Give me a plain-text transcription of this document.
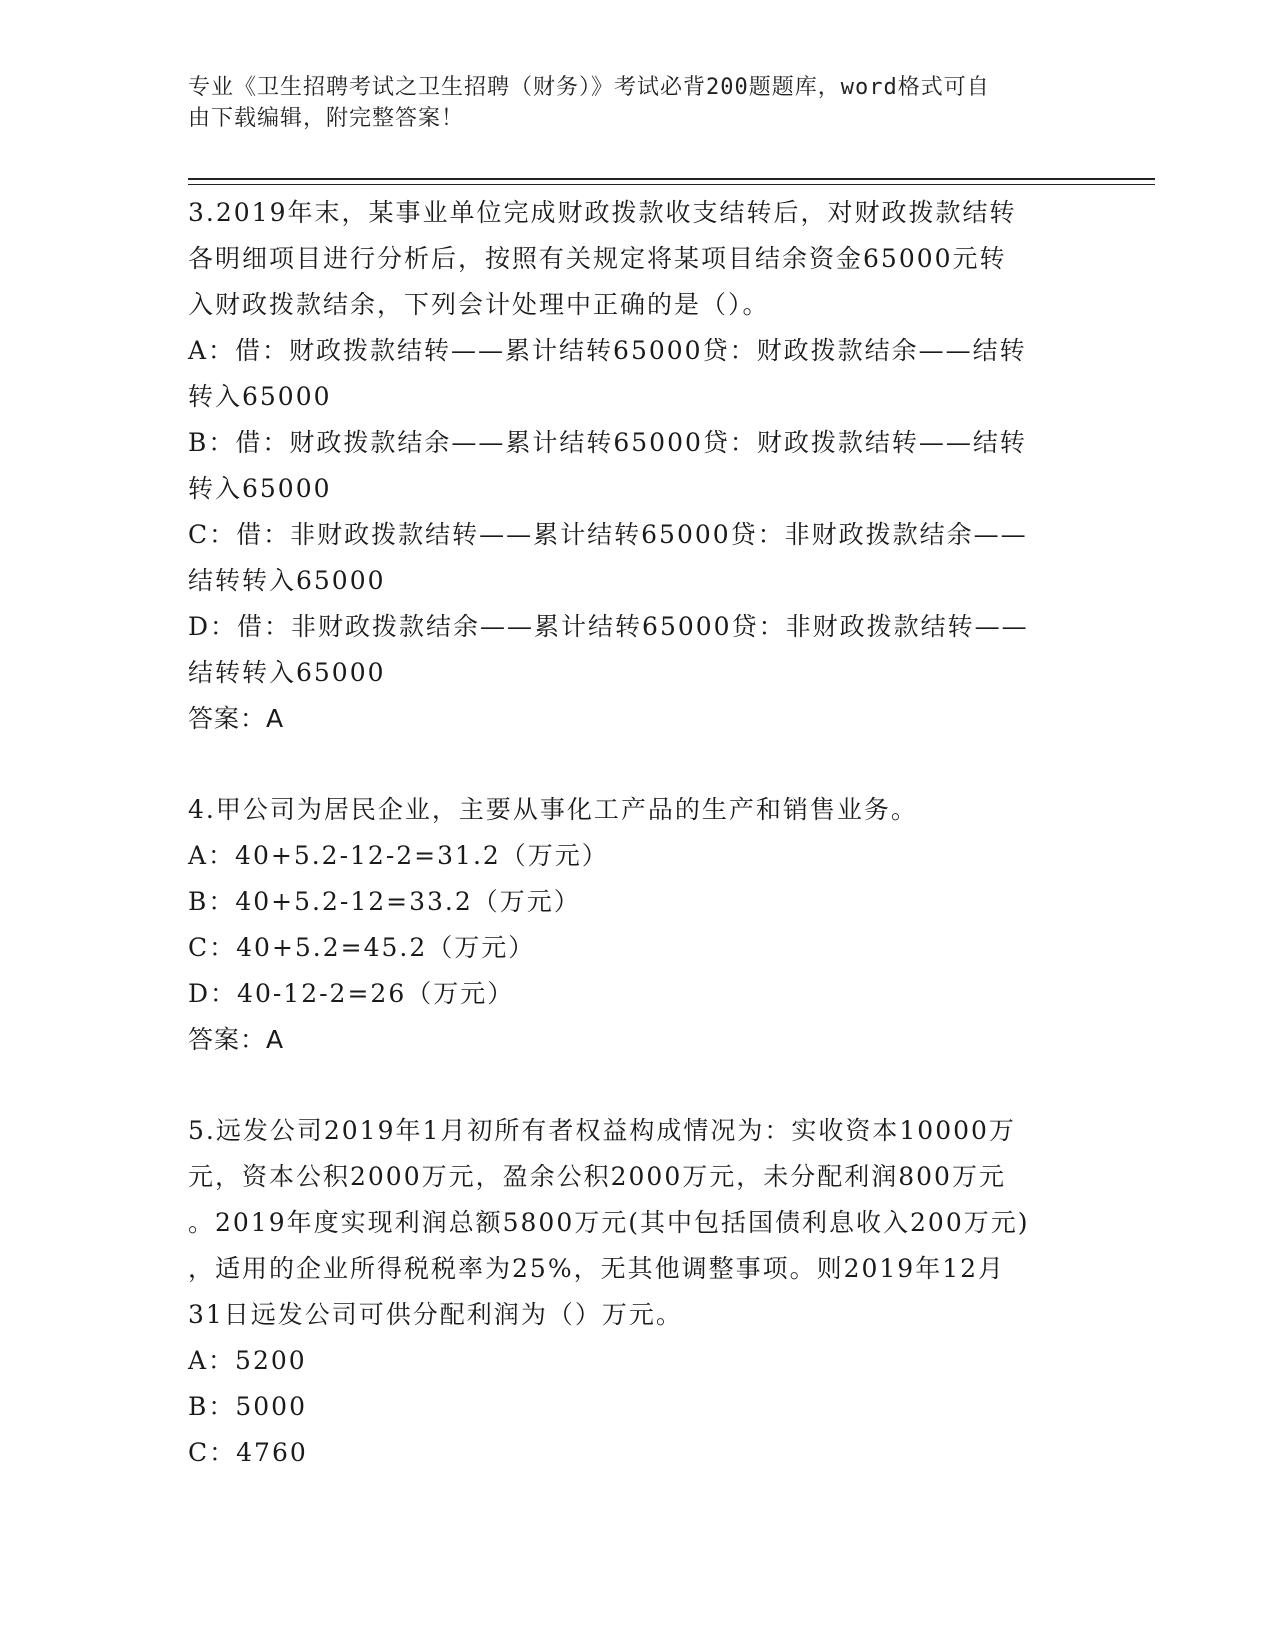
专业《卫生招聘考试之卫生招聘（财务）》考试必背200题题库，word格式可自
由下载编辑，附完整答案！
3.2019年末，某事业单位完成财政拨款收支结转后，对财政拨款结转
各明细项目进行分析后，按照有关规定将某项目结余资金65000元转
入财政拨款结余，下列会计处理中正确的是（）。
A：借：财政拨款结转——累计结转65000贷：财政拨款结余——结转
转入65000
B：借：财政拨款结余——累计结转65000贷：财政拨款结转——结转
转入65000
C：借：非财政拨款结转——累计结转65000贷：非财政拨款结余——
结转转入65000
D：借：非财政拨款结余——累计结转65000贷：非财政拨款结转——
结转转入65000
答案：A
4.甲公司为居民企业，主要从事化工产品的生产和销售业务。
A：40+5.2-12-2=31.2（万元）
B：40+5.2-12=33.2（万元）
C：40+5.2=45.2（万元）
D：40-12-2=26（万元）
答案：A
5.远发公司2019年1月初所有者权益构成情况为：实收资本10000万
元，资本公积2000万元，盈余公积2000万元，未分配利润800万元
。2019年度实现利润总额5800万元(其中包括国债利息收入200万元)
，适用的企业所得税税率为25%，无其他调整事项。则2019年12月
31日远发公司可供分配利润为（）万元。
A：5200
B：5000
C：4760
